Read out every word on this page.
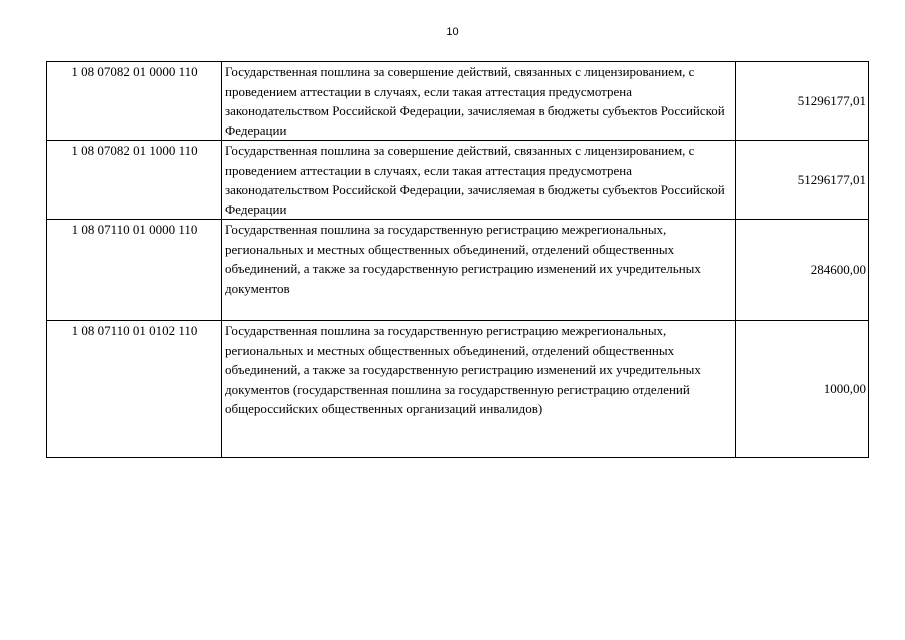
10
1 08 07082 01 0000 110	Государственная пошлина за совершение действий, связанных с лицензированием, с проведением аттестации в случаях, если такая аттестация предусмотрена законодательством Российской Федерации, зачисляемая в бюджеты субъектов Российской Федерации	51296177,01
1 08 07082 01 1000 110	Государственная пошлина за совершение действий, связанных с лицензированием, с проведением аттестации в случаях, если такая аттестация предусмотрена законодательством Российской Федерации, зачисляемая в бюджеты субъектов Российской Федерации	51296177,01
1 08 07110 01 0000 110	Государственная пошлина за государственную регистрацию межрегиональных, региональных и местных общественных объединений, отделений общественных объединений, а также за государственную регистрацию изменений их учредительных документов	284600,00
1 08 07110 01 0102 110	Государственная пошлина за государственную регистрацию межрегиональных, региональных и местных общественных объединений, отделений общественных объединений, а также за государственную регистрацию изменений их учредительных документов (государственная пошлина за государственную регистрацию отделений общероссийских общественных организаций инвалидов)	1000,00
